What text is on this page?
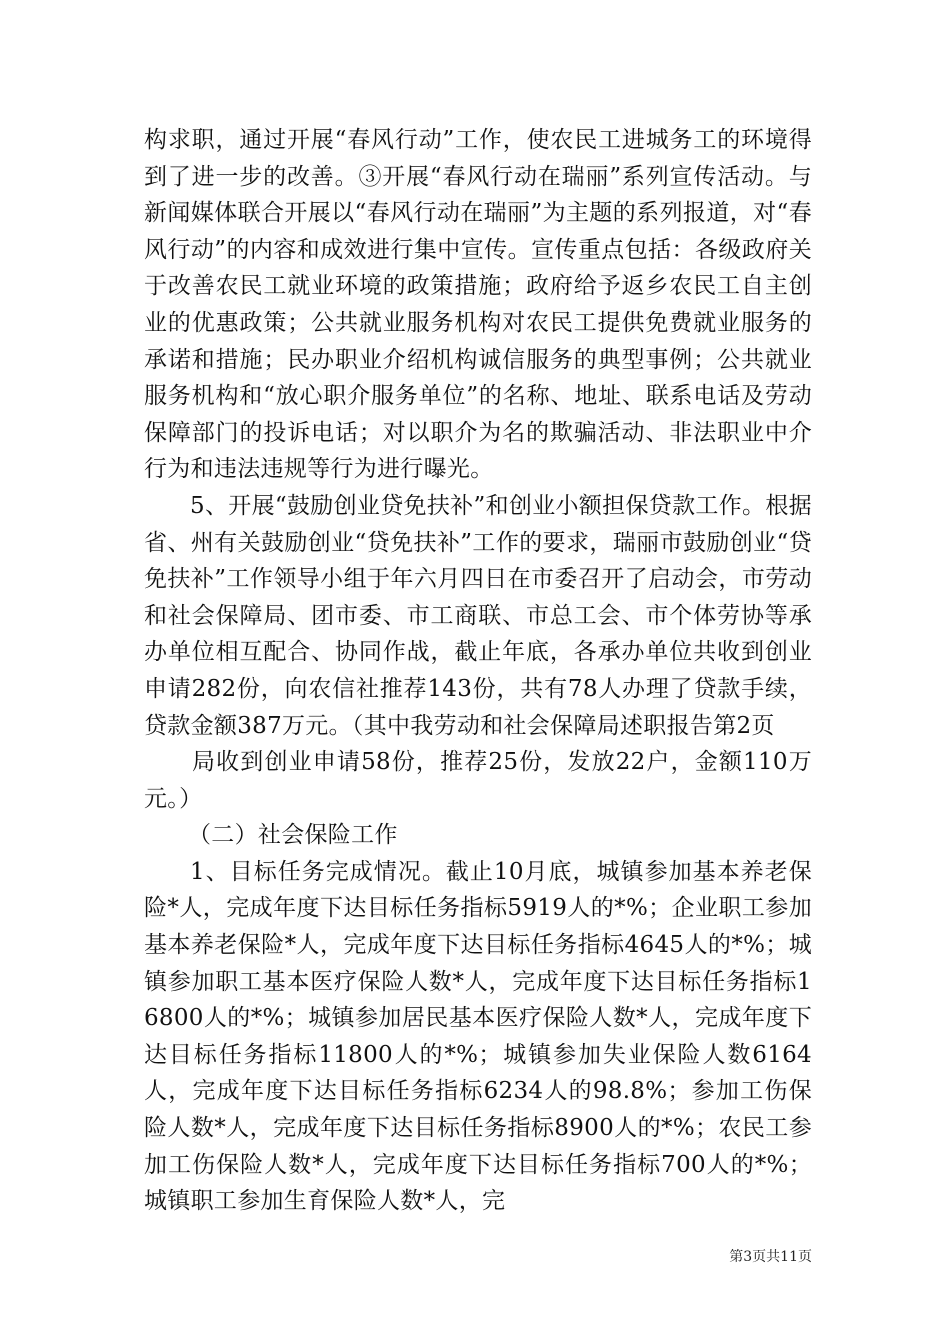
构求职，通过开展“春风行动”工作，使农民工进城务工的环境得到了进一步的改善。③开展“春风行动在瑞丽”系列宣传活动。与新闻媒体联合开展以“春风行动在瑞丽”为主题的系列报道，对“春风行动”的内容和成效进行集中宣传。宣传重点包括：各级政府关于改善农民工就业环境的政策措施；政府给予返乡农民工自主创业的优惠政策；公共就业服务机构对农民工提供免费就业服务的承诺和措施；民办职业介绍机构诚信服务的典型事例；公共就业服务机构和“放心职介服务单位”的名称、地址、联系电话及劳动保障部门的投诉电话；对以职介为名的欺骗活动、非法职业中介行为和违法违规等行为进行曝光。

5、开展“鼓励创业贷免扶补”和创业小额担保贷款工作。根据省、州有关鼓励创业“贷免扶补”工作的要求，瑞丽市鼓励创业“贷免扶补”工作领导小组于年六月四日在市委召开了启动会，市劳动和社会保障局、团市委、市工商联、市总工会、市个体劳协等承办单位相互配合、协同作战，截止年底，各承办单位共收到创业申请282份，向农信社推荐143份，共有78人办理了贷款手续，贷款金额387万元。（其中我劳动和社会保障局述职报告第2页

局收到创业申请58份，推荐25份，发放22户，金额110万元。）

（二）社会保险工作

1、目标任务完成情况。截止10月底，城镇参加基本养老保险*人，完成年度下达目标任务指标5919人的*%；企业职工参加基本养老保险*人，完成年度下达目标任务指标4645人的*%；城镇参加职工基本医疗保险人数*人，完成年度下达目标任务指标16800人的*%；城镇参加居民基本医疗保险人数*人，完成年度下达目标任务指标11800人的*%；城镇参加失业保险人数6164人，完成年度下达目标任务指标6234人的98.8%；参加工伤保险人数*人，完成年度下达目标任务指标8900人的*%；农民工参加工伤保险人数*人，完成年度下达目标任务指标700人的*%；城镇职工参加生育保险人数*人，完

第3页共11页
